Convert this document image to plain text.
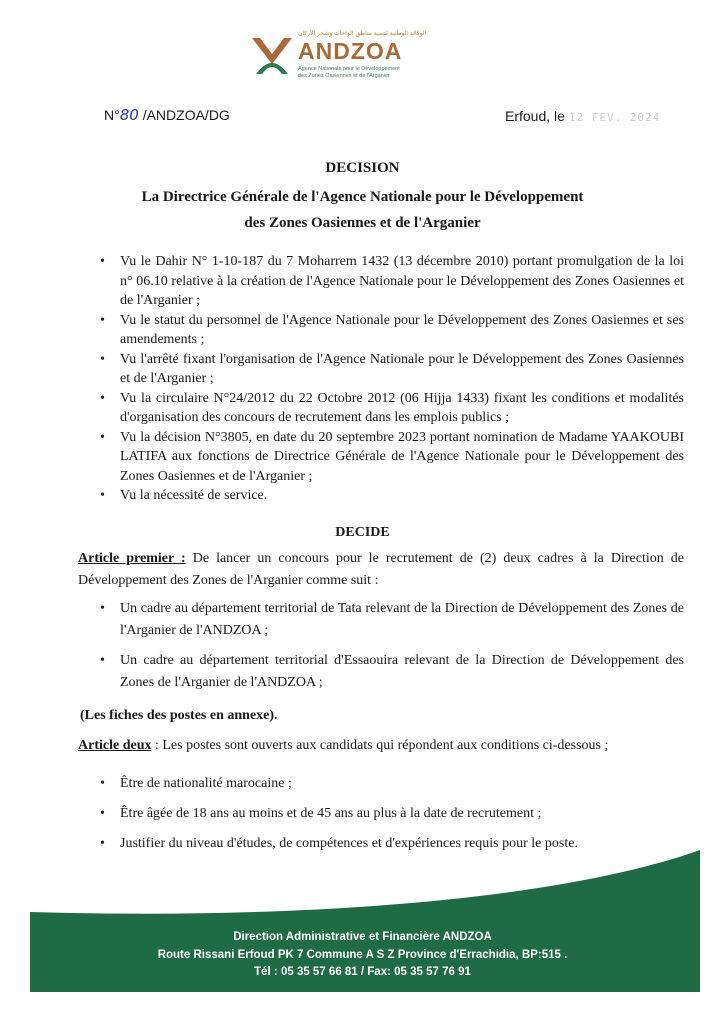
الوكالة الوطنية لتنمية مناطق الواحات وشجر الأركان
ANDZOA
Agence Nationale pour le Développement
des Zones Oasiennes et de l'Arganier
N°80 /ANDZOA/DG	Erfoud, le 12 FEV. 2024
DECISION
La Directrice Générale de l'Agence Nationale pour le Développement
des Zones Oasiennes et de l'Arganier
• Vu le Dahir N° 1-10-187 du 7 Moharrem 1432 (13 décembre 2010) portant promulgation de la loi n° 06.10 relative à la création de l'Agence Nationale pour le Développement des Zones Oasiennes et de l'Arganier ;
• Vu le statut du personnel de l'Agence Nationale pour le Développement des Zones Oasiennes et ses amendements ;
• Vu l'arrêté fixant l'organisation de l'Agence Nationale pour le Développement des Zones Oasiennes et de l'Arganier ;
• Vu la circulaire N°24/2012 du 22 Octobre 2012 (06 Hijja 1433) fixant les conditions et modalités d'organisation des concours de recrutement dans les emplois publics ;
• Vu la décision N°3805, en date du 20 septembre 2023 portant nomination de Madame YAAKOUBI LATIFA aux fonctions de Directrice Générale de l'Agence Nationale pour le Développement des Zones Oasiennes et de l'Arganier ;
• Vu la nécessité de service.
DECIDE
Article premier : De lancer un concours pour le recrutement de (2) deux cadres à la Direction de Développement des Zones de l'Arganier comme suit :
• Un cadre au département territorial de Tata relevant de la Direction de Développement des Zones de l'Arganier de l'ANDZOA ;
• Un cadre au département territorial d'Essaouira relevant de la Direction de Développement des Zones de l'Arganier de l'ANDZOA ;
(Les fiches des postes en annexe).
Article deux : Les postes sont ouverts aux candidats qui répondent aux conditions ci-dessous ;
• Être de nationalité marocaine ;
• Être âgée de 18 ans au moins et de 45 ans au plus à la date de recrutement ;
• Justifier du niveau d'études, de compétences et d'expériences requis pour le poste.
Direction Administrative et Financière ANDZOA
Route Rissani Erfoud PK 7 Commune A S Z Province d'Errachidia, BP:515 .
Tél : 05 35 57 66 81 / Fax: 05 35 57 76 91
